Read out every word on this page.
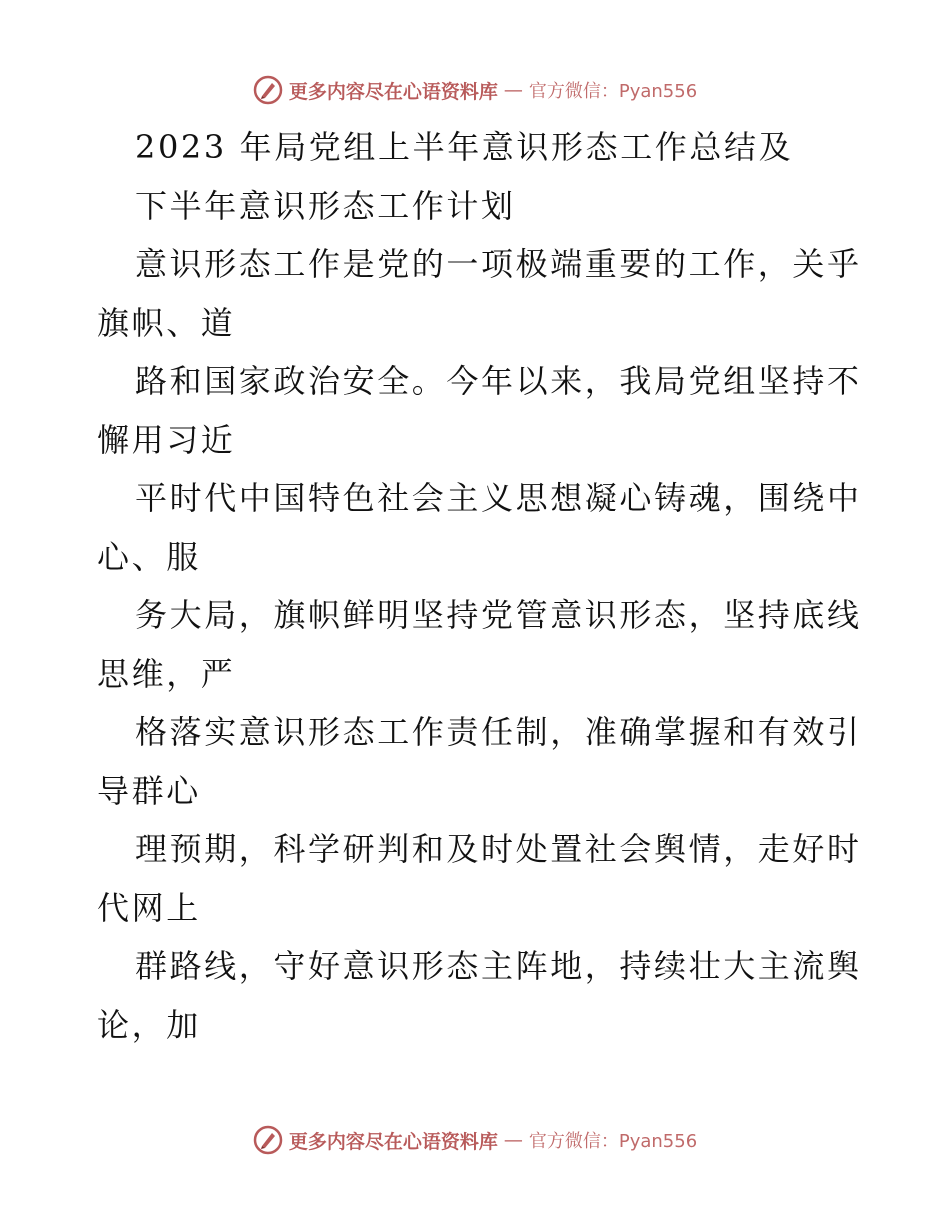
更多内容尽在心语资料库 — 官方微信：Pyan556
2023 年局党组上半年意识形态工作总结及
下半年意识形态工作计划
意识形态工作是党的一项极端重要的工作，关乎
旗帜、道
路和国家政治安全。今年以来，我局党组坚持不
懈用习近
平时代中国特色社会主义思想凝心铸魂，围绕中
心、服
务大局，旗帜鲜明坚持党管意识形态，坚持底线
思维，严
格落实意识形态工作责任制，准确掌握和有效引
导群心
理预期，科学研判和及时处置社会舆情，走好时
代网上
群路线，守好意识形态主阵地，持续壮大主流舆
论，加
更多内容尽在心语资料库 — 官方微信：Pyan556
